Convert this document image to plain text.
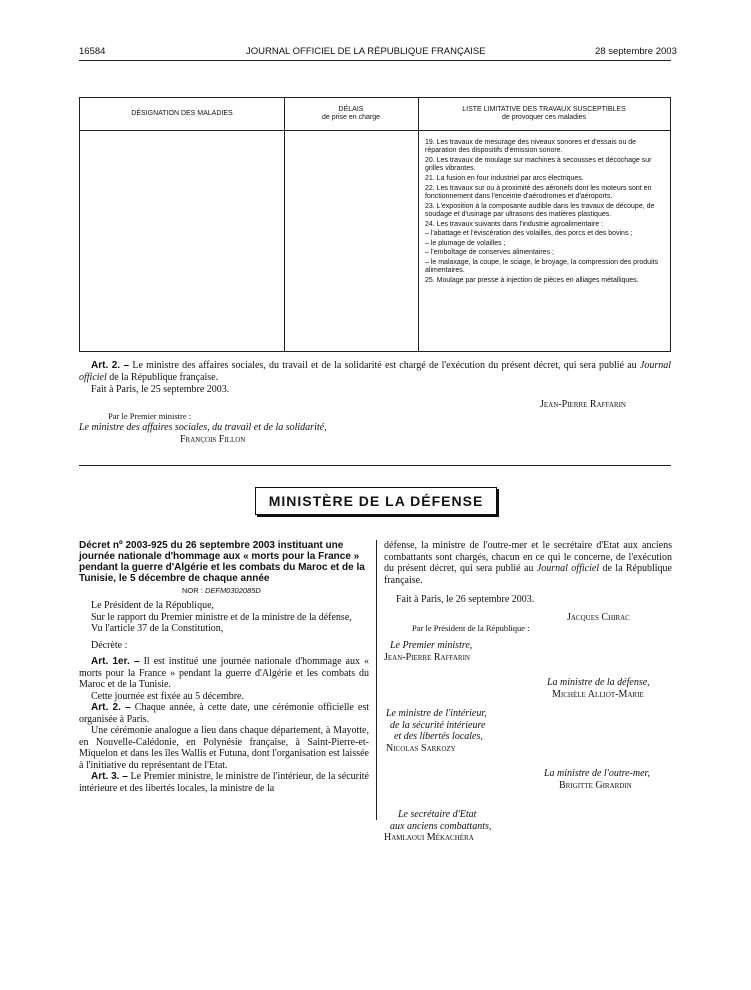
16584	JOURNAL OFFICIEL DE LA RÉPUBLIQUE FRANÇAISE	28 septembre 2003
DÉSIGNATION DES MALADIES
DÉLAIS
de prise en charge
LISTE LIMITATIVE DES TRAVAUX SUSCEPTIBLES
de provoquer ces maladies
19. Les travaux de mesurage des niveaux sonores et d'essais ou de réparation des dispositifs d'émission sonore.
20. Les travaux de moulage sur machines à secousses et décochage sur grilles vibrantes.
21. La fusion en four industriel par arcs électriques.
22. Les travaux sur ou à proximité des aéronefs dont les moteurs sont en fonctionnement dans l'enceinte d'aérodromes et d'aéroports.
23. L'exposition à la composante audible dans les travaux de découpe, de soudage et d'usinage par ultrasons des matières plastiques.
24. Les travaux suivants dans l'industrie agroalimentaire :
– l'abattage et l'éviscération des volailles, des porcs et des bovins ;
– le plumage de volailles ;
– l'emboîtage de conserves alimentaires ;
– le malaxage, la coupe, le sciage, le broyage, la compression des produits alimentaires.
25. Moulage par presse à injection de pièces en alliages métalliques.
Art. 2. – Le ministre des affaires sociales, du travail et de la solidarité est chargé de l'exécution du présent décret, qui sera publié au Journal officiel de la République française.
Fait à Paris, le 25 septembre 2003.
Jean-Pierre Raffarin
Par le Premier ministre :
Le ministre des affaires sociales, du travail et de la solidarité,
François Fillon
MINISTÈRE DE LA DÉFENSE
Décret nº 2003-925 du 26 septembre 2003 instituant une journée nationale d'hommage aux « morts pour la France » pendant la guerre d'Algérie et les combats du Maroc et de la Tunisie, le 5 décembre de chaque année
NOR : DEFM0302085D
Le Président de la République,
Sur le rapport du Premier ministre et de la ministre de la défense,
Vu l'article 37 de la Constitution,
Décrète :
Art. 1er. – Il est institué une journée nationale d'hommage aux « morts pour la France » pendant la guerre d'Algérie et les combats du Maroc et de la Tunisie.
Cette journée est fixée au 5 décembre.
Art. 2. – Chaque année, à cette date, une cérémonie officielle est organisée à Paris.
Une cérémonie analogue a lieu dans chaque département, à Mayotte, en Nouvelle-Calédonie, en Polynésie française, à Saint-Pierre-et-Miquelon et dans les îles Wallis et Futuna, dont l'organisation est laissée à l'initiative du représentant de l'Etat.
Art. 3. – Le Premier ministre, le ministre de l'intérieur, de la sécurité intérieure et des libertés locales, la ministre de la
défense, la ministre de l'outre-mer et le secrétaire d'Etat aux anciens combattants sont chargés, chacun en ce qui le concerne, de l'exécution du présent décret, qui sera publié au Journal officiel de la République française.
Fait à Paris, le 26 septembre 2003.
Jacques Chirac
Par le Président de la République :
Le Premier ministre,
Jean-Pierre Raffarin
La ministre de la défense,
Michèle Alliot-Marie
Le ministre de l'intérieur,
de la sécurité intérieure
et des libertés locales,
Nicolas Sarkozy
La ministre de l'outre-mer,
Brigitte Girardin
Le secrétaire d'Etat
aux anciens combattants,
Hamlaoui Mékachéra
